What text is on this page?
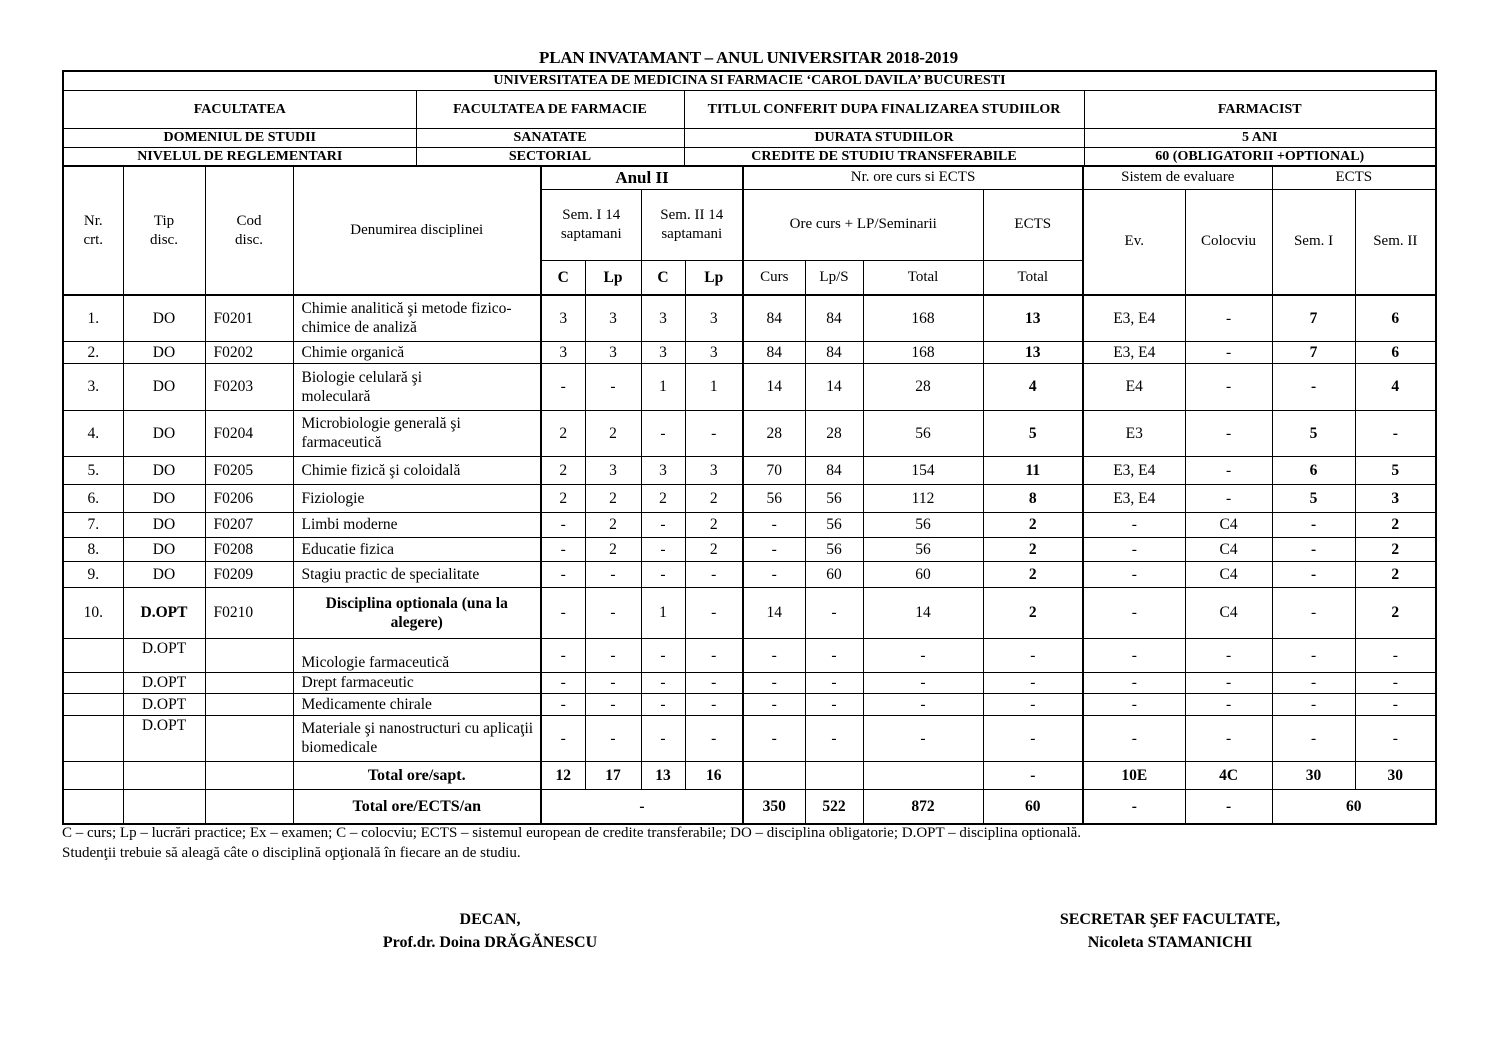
PLAN INVATAMANT – ANUL UNIVERSITAR 2018-2019
UNIVERSITATEA DE MEDICINA SI FARMACIE ‘CAROL DAVILA’ BUCURESTI			
FACULTATEA	FACULTATEA DE FARMACIE	TITLUL CONFERIT DUPA FINALIZAREA STUDIILOR	FARMACIST
DOMENIUL DE STUDII	SANATATE	DURATA STUDIILOR	5 ANI
NIVELUL DE REGLEMENTARI	SECTORIAL	CREDITE DE STUDIU TRANSFERABILE	60 (OBLIGATORII +OPTIONAL)
Nr. crt.	Tip disc.	Cod disc.	Denumirea disciplinei	Anul II				Nr. ore curs si ECTS				Sistem de evaluare		ECTS	
				Sem. I 14 saptamani		Sem. II 14 saptamani		Ore curs + LP/Seminarii			ECTS	Ev.	Colocviu	Sem. I	Sem. II
				C	Lp	C	Lp	Curs	Lp/S	Total	Total				
1.	DO	F0201	Chimie analitică şi metode fizico-chimice de analiză	3	3	3	3	84	84	168	13	E3, E4	-	7	6
2.	DO	F0202	Chimie organică	3	3	3	3	84	84	168	13	E3, E4	-	7	6
3.	DO	F0203	Biologie celulară şi moleculară	-	-	1	1	14	14	28	4	E4	-	-	4
4.	DO	F0204	Microbiologie generală şi farmaceutică	2	2	-	-	28	28	56	5	E3	-	5	-
5.	DO	F0205	Chimie fizică şi coloidală	2	3	3	3	70	84	154	11	E3, E4	-	6	5
6.	DO	F0206	Fiziologie	2	2	2	2	56	56	112	8	E3, E4	-	5	3
7.	DO	F0207	Limbi moderne	-	2	-	2	-	56	56	2	-	C4	-	2
8.	DO	F0208	Educatie fizica	-	2	-	2	-	56	56	2	-	C4	-	2
9.	DO	F0209	Stagiu practic de specialitate	-	-	-	-	-	60	60	2	-	C4	-	2
10.	D.OPT	F0210	Disciplina optionala (una la alegere)	-	-	1	-	14	-	14	2	-	C4	-	2
	D.OPT		Micologie farmaceutică	-	-	-	-	-	-	-	-	-	-	-	-
	D.OPT		Drept farmaceutic	-	-	-	-	-	-	-	-	-	-	-	-
	D.OPT		Medicamente chirale	-	-	-	-	-	-	-	-	-	-	-	-
	D.OPT		Materiale şi nanostructuri cu aplicaţii biomedicale	-	-	-	-	-	-	-	-	-	-	-	-
			Total ore/sapt.	12	17	13	16				-	10E	4C	30	30
			Total ore/ECTS/an	-				350	522	872	60	-	-	60	
C – curs; Lp – lucrări practice; Ex – examen; C – colocviu; ECTS – sistemul european de credite transferabile; DO – disciplina obligatorie; D.OPT – disciplina optională.
Studenţii trebuie să aleagă câte o disciplină opţională în fiecare an de studiu.
DECAN,
Prof.dr. Doina DRĂGĂNESCU
SECRETAR ŞEF FACULTATE,
Nicoleta STAMANICHI
